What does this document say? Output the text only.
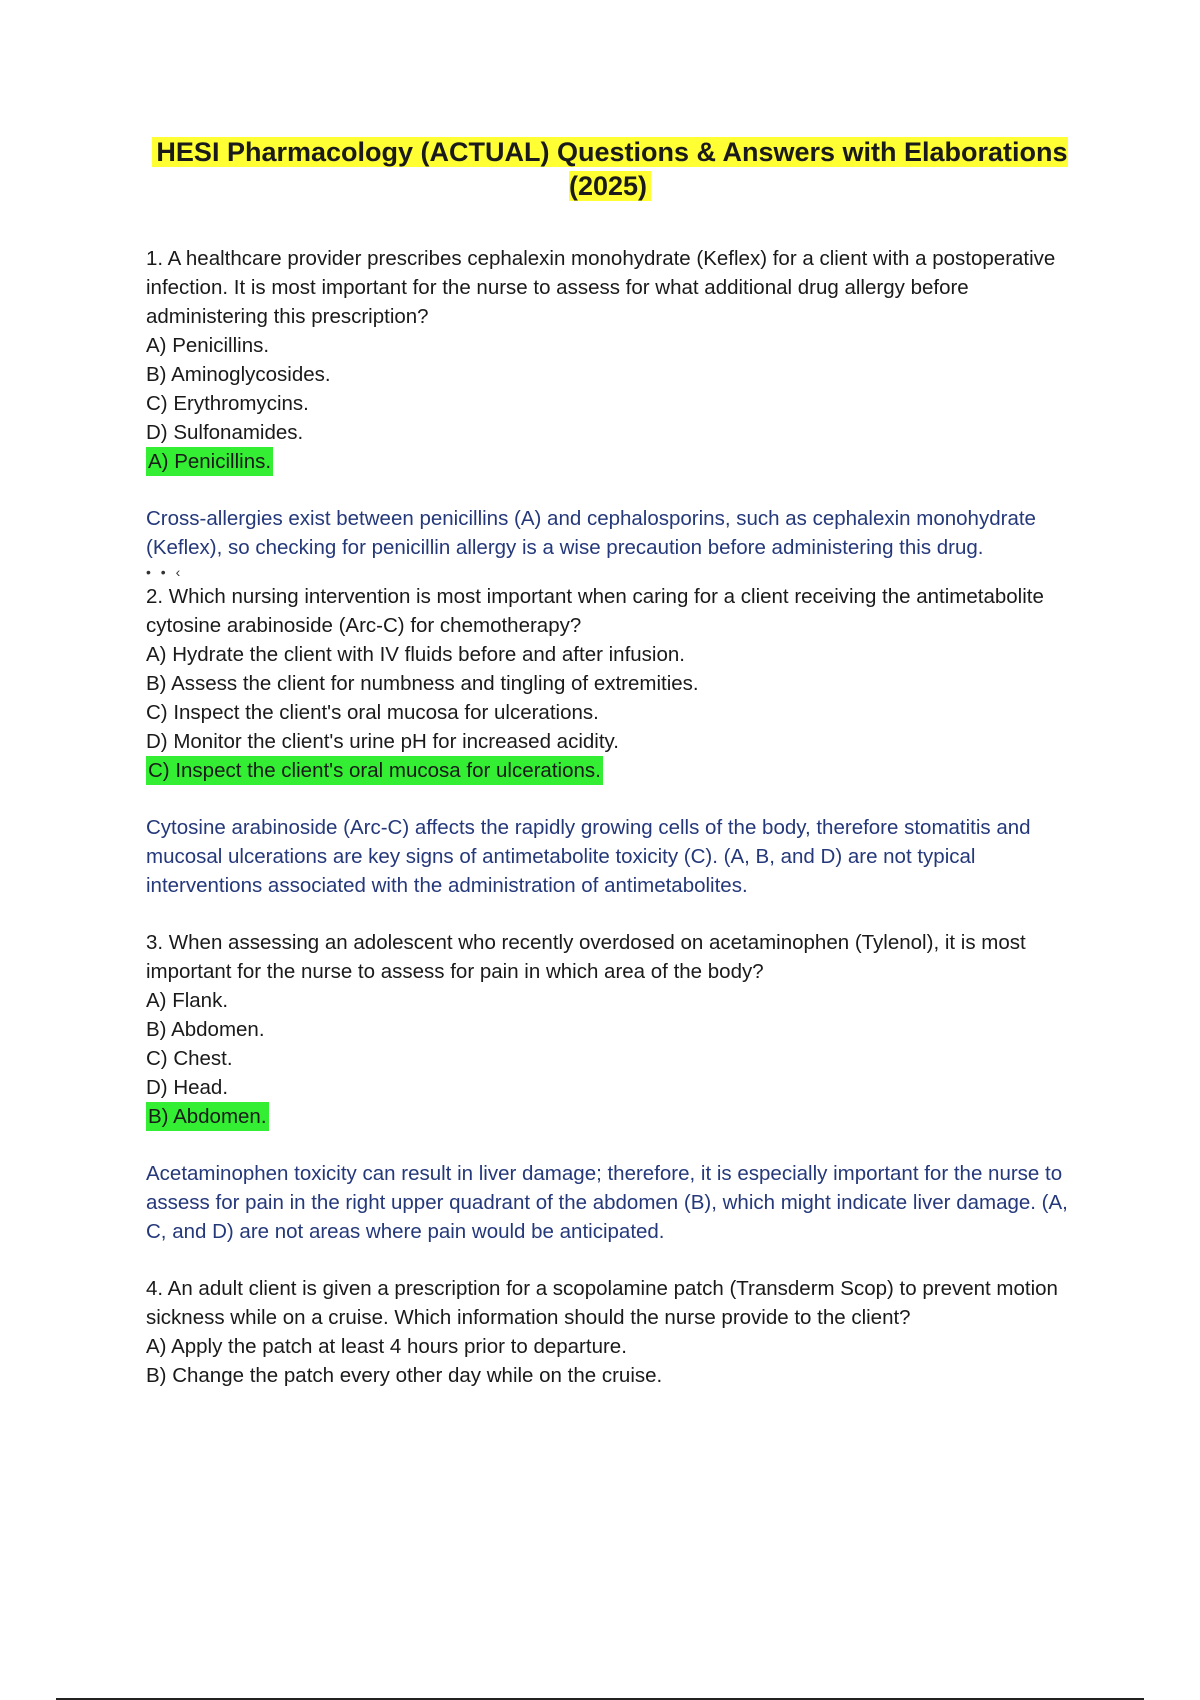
HESI Pharmacology (ACTUAL) Questions & Answers with Elaborations (2025)

1. A healthcare provider prescribes cephalexin monohydrate (Keflex) for a client with a postoperative infection. It is most important for the nurse to assess for what additional drug allergy before administering this prescription?

A) Penicillins.

B) Aminoglycosides.

C) Erythromycins.

D) Sulfonamides.

A) Penicillins.

Cross-allergies exist between penicillins (A) and cephalosporins, such as cephalexin monohydrate (Keflex), so checking for penicillin allergy is a wise precaution before administering this drug.

• • ‹

2. Which nursing intervention is most important when caring for a client receiving the antimetabolite cytosine arabinoside (Arc-C) for chemotherapy?

A) Hydrate the client with IV fluids before and after infusion.

B) Assess the client for numbness and tingling of extremities.

C) Inspect the client's oral mucosa for ulcerations.

D) Monitor the client's urine pH for increased acidity.

C) Inspect the client's oral mucosa for ulcerations.

Cytosine arabinoside (Arc-C) affects the rapidly growing cells of the body, therefore stomatitis and mucosal ulcerations are key signs of antimetabolite toxicity (C). (A, B, and D) are not typical interventions associated with the administration of antimetabolites.

3. When assessing an adolescent who recently overdosed on acetaminophen (Tylenol), it is most important for the nurse to assess for pain in which area of the body?

A) Flank.

B) Abdomen.

C) Chest.

D) Head.

B) Abdomen.

Acetaminophen toxicity can result in liver damage; therefore, it is especially important for the nurse to assess for pain in the right upper quadrant of the abdomen (B), which might indicate liver damage. (A, C, and D) are not areas where pain would be anticipated.

4. An adult client is given a prescription for a scopolamine patch (Transderm Scop) to prevent motion sickness while on a cruise. Which information should the nurse provide to the client?

A) Apply the patch at least 4 hours prior to departure.

B) Change the patch every other day while on the cruise.
